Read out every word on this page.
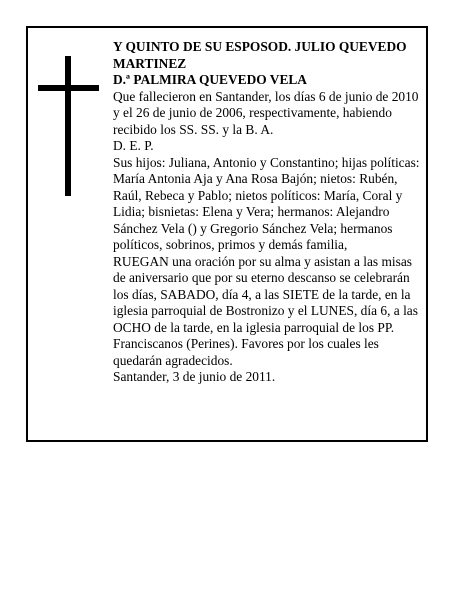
Y QUINTO DE SU ESPOSOD. JULIO QUEVEDO MARTINEZ

D.ª PALMIRA QUEVEDO VELA

Que fallecieron en Santander, los días 6 de junio de 2010 y el 26 de junio de 2006, respectivamente, habiendo recibido los SS. SS. y la B. A.

D. E. P.

Sus hijos: Juliana, Antonio y Constantino; hijas políticas: María Antonia Aja y Ana Rosa Bajón; nietos: Rubén, Raúl, Rebeca y Pablo; nietos políticos: María, Coral y Lidia; bisnietas: Elena y Vera; hermanos: Alejandro Sánchez Vela () y Gregorio Sánchez Vela; hermanos políticos, sobrinos, primos y demás familia,

RUEGAN una oración por su alma y asistan a las misas de aniversario que por su eterno descanso se celebrarán los días, SABADO, día 4, a las SIETE de la tarde, en la iglesia parroquial de Bostronizo y el LUNES, día 6, a las OCHO de la tarde, en la iglesia parroquial de los PP. Franciscanos (Perines). Favores por los cuales les quedarán agradecidos.

Santander, 3 de junio de 2011.
